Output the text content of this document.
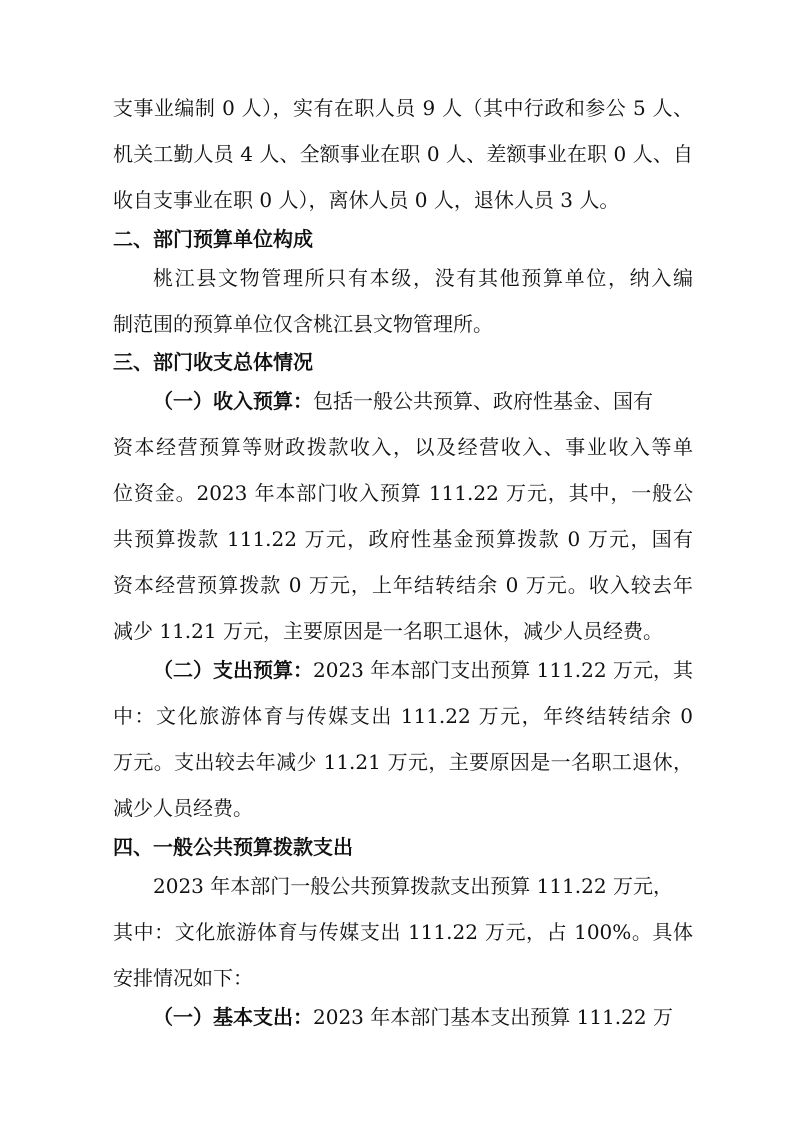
支事业编制 0 人），实有在职人员 9 人（其中行政和参公 5 人、
机关工勤人员 4 人、全额事业在职 0 人、差额事业在职 0 人、自
收自支事业在职 0 人），离休人员 0 人，退休人员 3 人。
二、部门预算单位构成
桃江县文物管理所只有本级，没有其他预算单位，纳入编
制范围的预算单位仅含桃江县文物管理所。
三、部门收支总体情况
（一）收入预算：包括一般公共预算、政府性基金、国有
资本经营预算等财政拨款收入，以及经营收入、事业收入等单
位资金。2023 年本部门收入预算 111.22 万元，其中，一般公
共预算拨款 111.22 万元，政府性基金预算拨款 0 万元，国有
资本经营预算拨款 0 万元，上年结转结余 0 万元。收入较去年
减少 11.21 万元，主要原因是一名职工退休，减少人员经费。
（二）支出预算：2023 年本部门支出预算 111.22 万元，其
中：文化旅游体育与传媒支出 111.22 万元，年终结转结余 0
万元。支出较去年减少 11.21 万元，主要原因是一名职工退休，
减少人员经费。
四、一般公共预算拨款支出
2023 年本部门一般公共预算拨款支出预算 111.22 万元，
其中：文化旅游体育与传媒支出 111.22 万元，占 100%。具体
安排情况如下：
（一）基本支出：2023 年本部门基本支出预算 111.22 万
